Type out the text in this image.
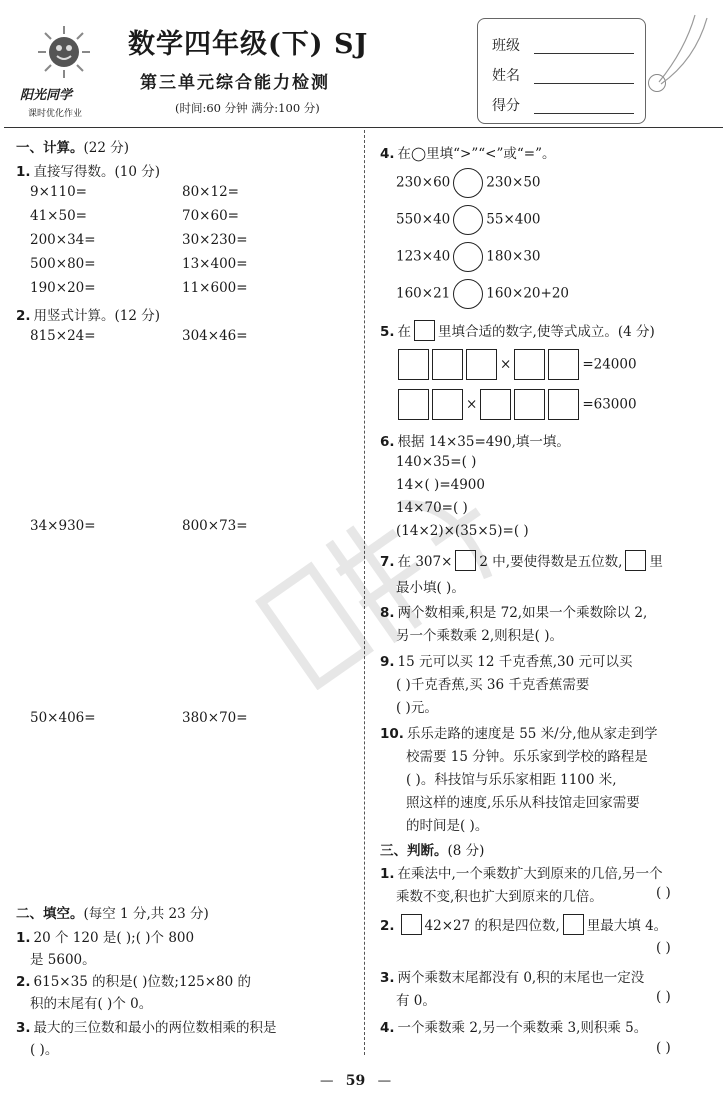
阳光同学
课时优化作业
数学四年级(下) SJ
第三单元综合能力检测
(时间:60 分钟 满分:100 分)
班级
姓名
得分
一、计算。(22 分)
1. 直接写得数。(10 分)
9×110=	80×12=
41×50=	70×60=
200×34=	30×230=
500×80=	13×400=
190×20=	11×600=
2. 用竖式计算。(12 分)
815×24=	304×46=
34×930=	800×73=
50×406=	380×70=
二、填空。(每空 1 分,共 23 分)
1. 20 个 120 是( );( )个 800
是 5600。
2. 615×35 的积是( )位数;125×80 的
积的末尾有( )个 0。
3. 最大的三位数和最小的两位数相乘的积是
( )。
4. 在◯里填“>”“<”或“=”。
230×60	230×50
550×40	55×400
123×40	180×30
160×21	160×20+20
5. 在 里填合适的数字,使等式成立。(4 分)
×	=24000
×	=63000
6. 根据 14×35=490,填一填。
140×35=( )
14×( )=4900
14×70=( )
(14×2)×(35×5)=( )
7. 在 307× 2 中,要使得数是五位数, 里
最小填( )。
8. 两个数相乘,积是 72,如果一个乘数除以 2,
另一个乘数乘 2,则积是( )。
9. 15 元可以买 12 千克香蕉,30 元可以买
( )千克香蕉,买 36 千克香蕉需要
( )元。
10. 乐乐走路的速度是 55 米/分,他从家走到学
校需要 15 分钟。乐乐家到学校的路程是
( )。科技馆与乐乐家相距 1100 米,
照这样的速度,乐乐从科技馆走回家需要
的时间是( )。
三、判断。(8 分)
1. 在乘法中,一个乘数扩大到原来的几倍,另一个
乘数不变,积也扩大到原来的几倍。	( )
2. 42×27 的积是四位数, 里最大填 4。
( )
3. 两个乘数末尾都没有 0,积的末尾也一定没
有 0。	( )
4. 一个乘数乘 2,另一个乘数乘 3,则积乘 5。
( )
— 59 —
